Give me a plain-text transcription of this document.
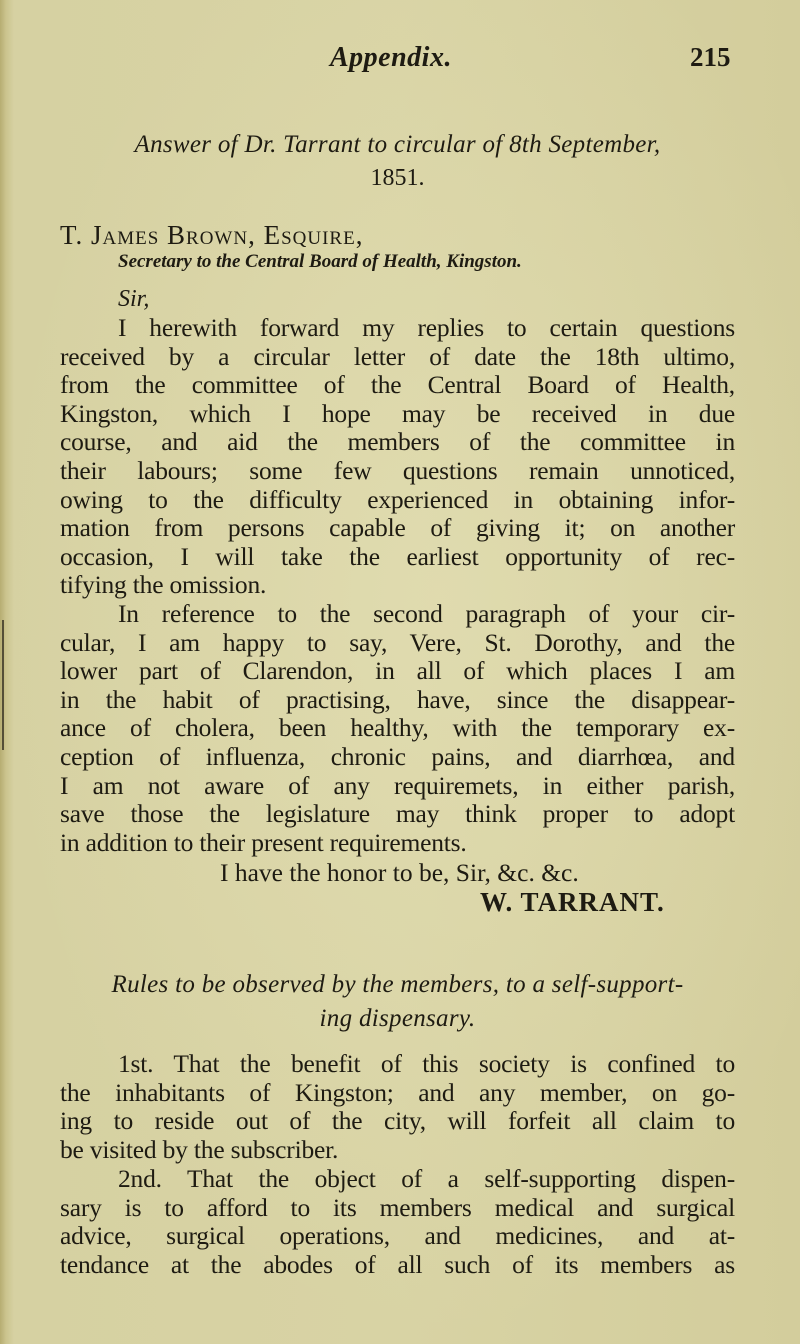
Appendix.	215
Answer of Dr. Tarrant to circular of 8th September,
1851.
T. James Brown, Esquire,
Secretary to the Central Board of Health, Kingston.
Sir,
I herewith forward my replies to certain questions
received by a circular letter of date the 18th ultimo,
from the committee of the Central Board of Health,
Kingston, which I hope may be received in due
course, and aid the members of the committee in
their labours; some few questions remain unnoticed,
owing to the difficulty experienced in obtaining infor-
mation from persons capable of giving it; on another
occasion, I will take the earliest opportunity of rec-
tifying the omission.
In reference to the second paragraph of your cir-
cular, I am happy to say, Vere, St. Dorothy, and the
lower part of Clarendon, in all of which places I am
in the habit of practising, have, since the disappear-
ance of cholera, been healthy, with the temporary ex-
ception of influenza, chronic pains, and diarrhœa, and
I am not aware of any requiremets, in either parish,
save those the legislature may think proper to adopt
in addition to their present requirements.
I have the honor to be, Sir, &c. &c.
W. TARRANT.
Rules to be observed by the members, to a self-support-
ing dispensary.
1st. That the benefit of this society is confined to
the inhabitants of Kingston; and any member, on go-
ing to reside out of the city, will forfeit all claim to
be visited by the subscriber.
2nd. That the object of a self-supporting dispen-
sary is to afford to its members medical and surgical
advice, surgical operations, and medicines, and at-
tendance at the abodes of all such of its members as
